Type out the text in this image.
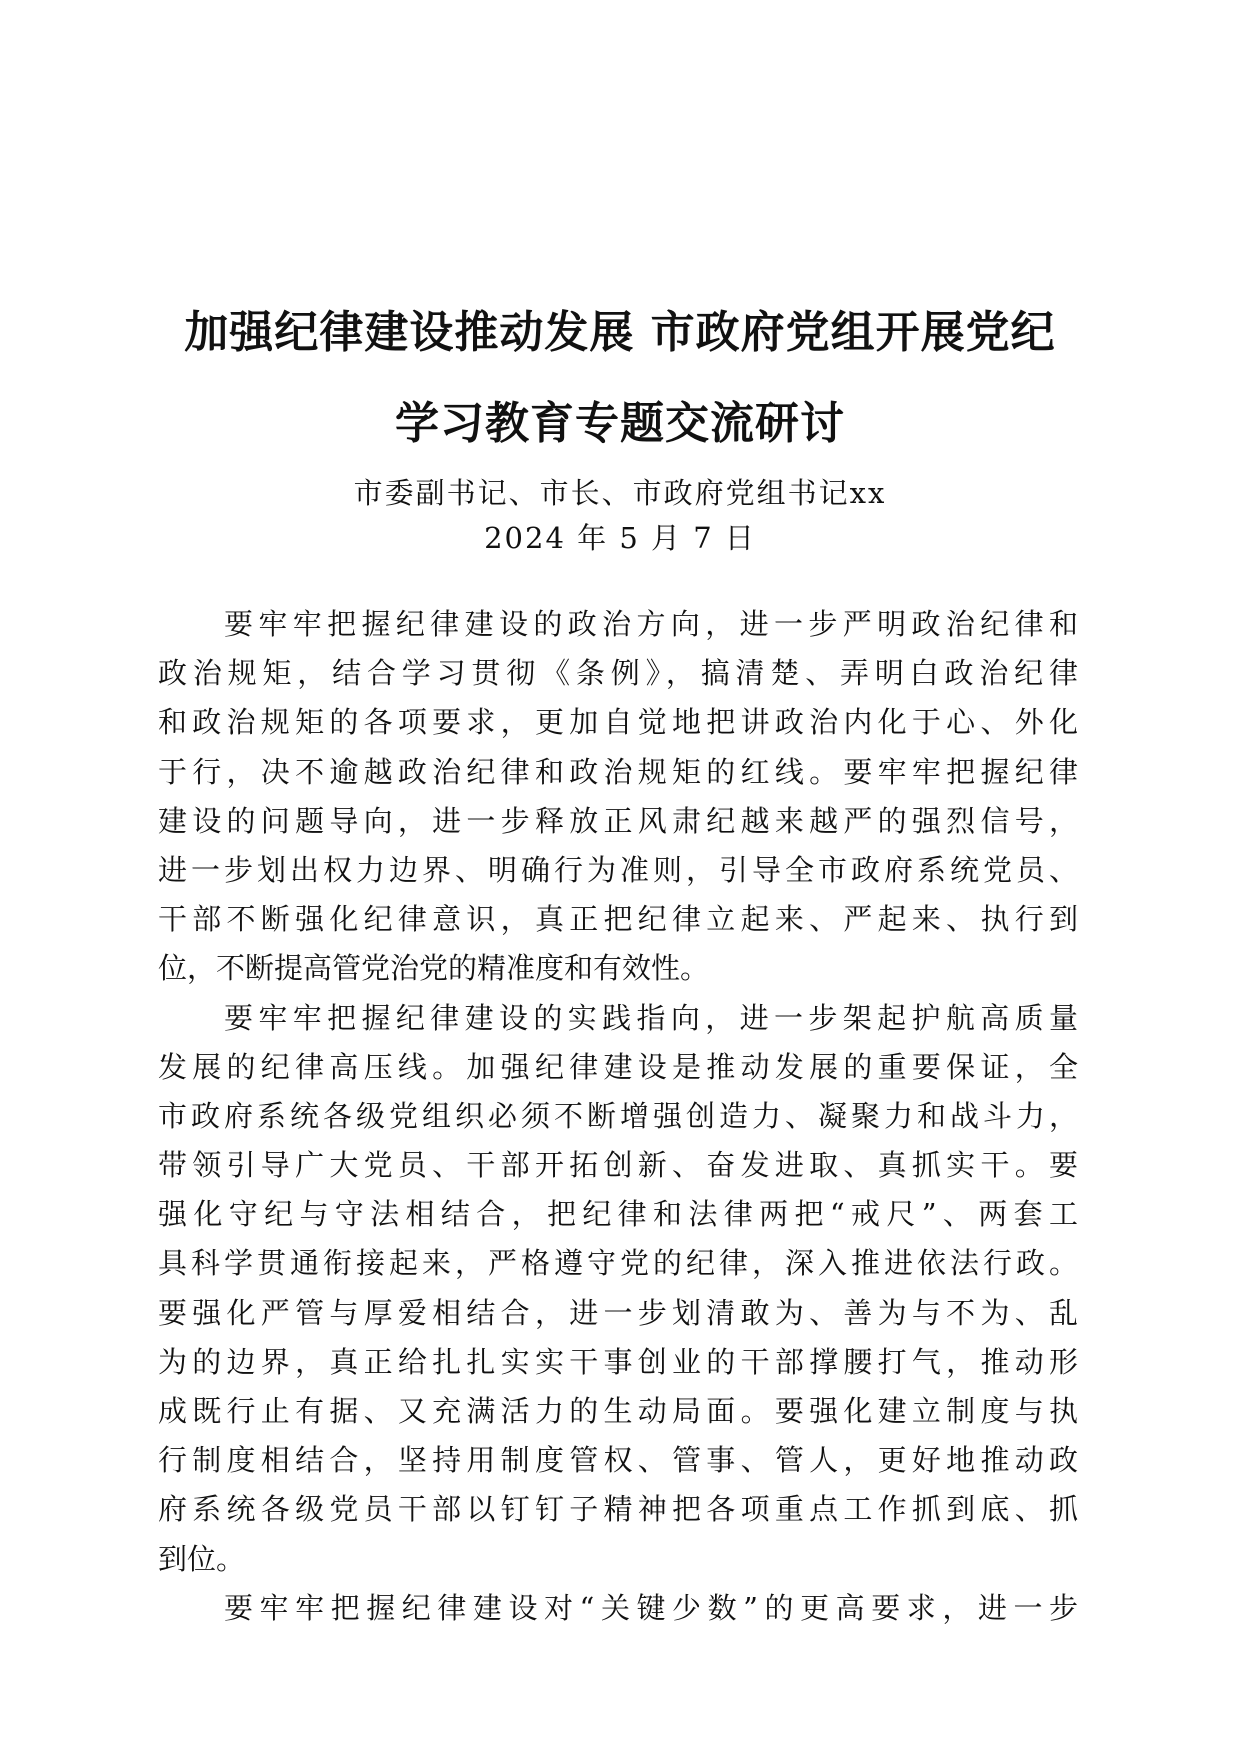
加强纪律建设推动发展 市政府党组开展党纪
学习教育专题交流研讨
市委副书记、市长、市政府党组书记xx
2024 年 5 月 7 日
要牢牢把握纪律建设的政治方向，进一步严明政治纪律和
政治规矩，结合学习贯彻《条例》，搞清楚、弄明白政治纪律
和政治规矩的各项要求，更加自觉地把讲政治内化于心、外化
于行，决不逾越政治纪律和政治规矩的红线。要牢牢把握纪律
建设的问题导向，进一步释放正风肃纪越来越严的强烈信号，
进一步划出权力边界、明确行为准则，引导全市政府系统党员、
干部不断强化纪律意识，真正把纪律立起来、严起来、执行到
位，不断提高管党治党的精准度和有效性。
要牢牢把握纪律建设的实践指向，进一步架起护航高质量
发展的纪律高压线。加强纪律建设是推动发展的重要保证，全
市政府系统各级党组织必须不断增强创造力、凝聚力和战斗力，
带领引导广大党员、干部开拓创新、奋发进取、真抓实干。要
强化守纪与守法相结合，把纪律和法律两把“戒尺”、两套工
具科学贯通衔接起来，严格遵守党的纪律，深入推进依法行政。
要强化严管与厚爱相结合，进一步划清敢为、善为与不为、乱
为的边界，真正给扎扎实实干事创业的干部撑腰打气，推动形
成既行止有据、又充满活力的生动局面。要强化建立制度与执
行制度相结合，坚持用制度管权、管事、管人，更好地推动政
府系统各级党员干部以钉钉子精神把各项重点工作抓到底、抓
到位。
要牢牢把握纪律建设对“关键少数”的更高要求，进一步
